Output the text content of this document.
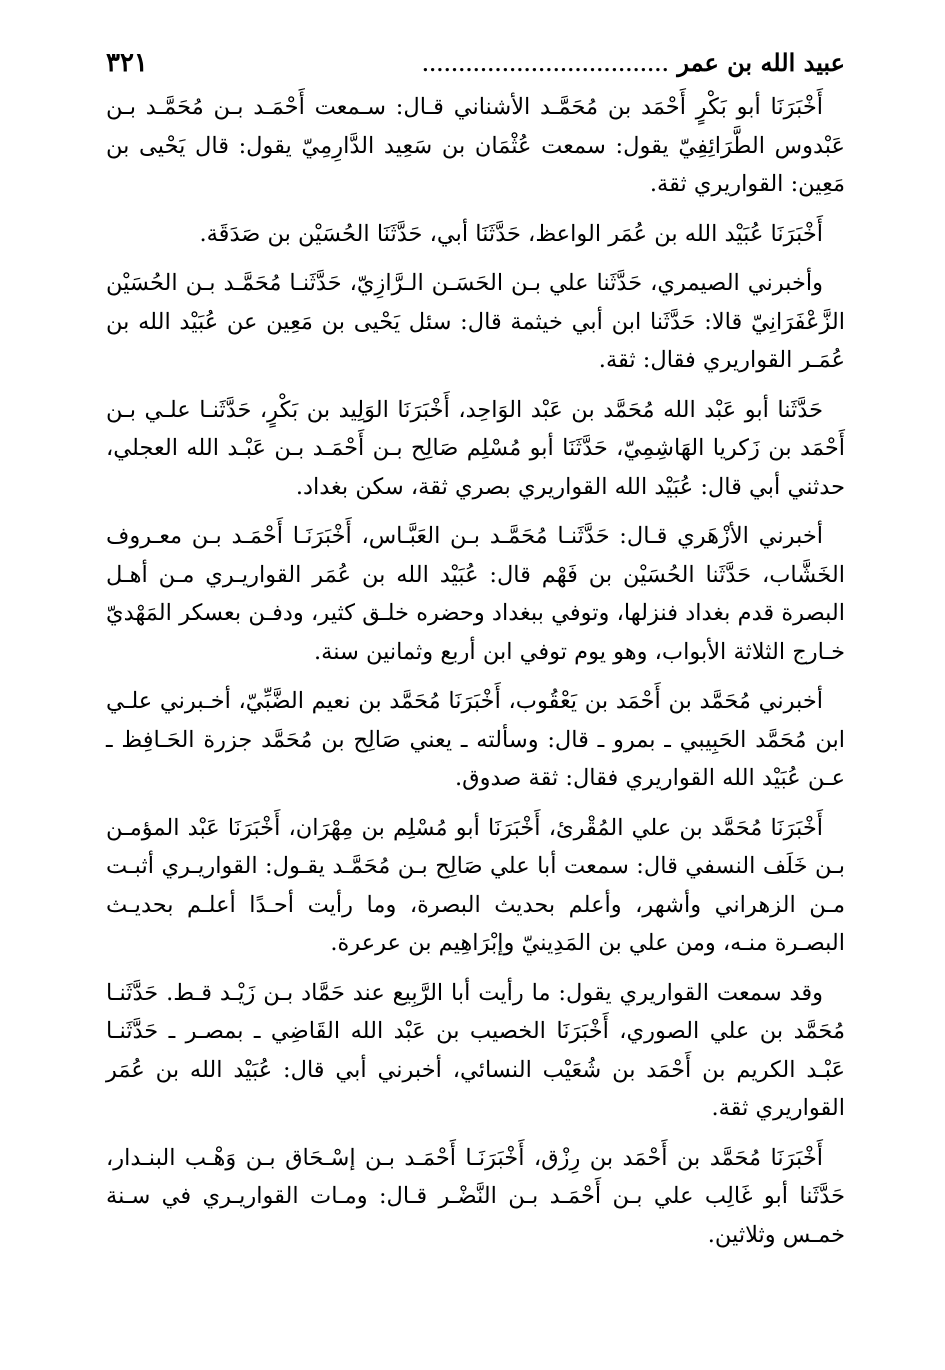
عبيد الله بن عمر
..................................
٣٢١

أَخْبَرَنَا أبو بَكْرٍ أَحْمَد بن مُحَمَّـد الأشناني قـال: سـمعت أَحْمَـد بـن مُحَمَّـد بـن عَبْدوس الطَّرَائِفِيّ يقول: سمعت عُثْمَان بن سَعِيد الدَّارِمِيّ يقول: قال يَحْيى بن مَعِين: القواريري ثقة.

أَخْبَرَنَا عُبَيْد الله بن عُمَر الواعظ، حَدَّثَنَا أبي، حَدَّثَنَا الحُسَيْن بن صَدَقَة.

وأخبرني الصيمري، حَدَّثَنا علي بـن الحَسَـن الـرَّازِيّ، حَدَّثَنـا مُحَمَّـد بـن الحُسَيْن الزَّعْفَرَانِيّ قالا: حَدَّثَنا ابن أبي خيثمة قال: سئل يَحْيى بن مَعِين عن عُبَيْد الله بن عُمَـر القواريري فقال: ثقة.

حَدَّثَنا أبو عَبْد الله مُحَمَّد بن عَبْد الوَاحِد، أَخْبَرَنَا الوَلِيد بن بَكْرٍ، حَدَّثَنـا علـي بـن أَحْمَد بن زَكريا الهَاشِمِيّ، حَدَّثَنَا أبو مُسْلِم صَالِح بـن أَحْمَـد بـن عَبْـد الله العجلي، حدثني أبي قال: عُبَيْد الله القواريري بصري ثقة، سكن بغداد.

أخبرني الأزْهَري قـال: حَدَّثَنـا مُحَمَّـد بـن العَبَّـاس، أَخْبَرَنَـا أَحْمَـد بـن معـروف الخَشَّاب، حَدَّثَنا الحُسَيْن بن فَهْم قال: عُبَيْد الله بن عُمَر القواريـري مـن أهـل البصرة قدم بغداد فنزلها، وتوفي ببغداد وحضره خلـق كثير، ودفـن بعسكر المَهْديّ خـارج الثلاثة الأبواب، وهو يوم توفي ابن أربع وثمانين سنة.

أخبرني مُحَمَّد بن أَحْمَد بن يَعْقُوب، أَخْبَرَنَا مُحَمَّد بن نعيم الضَّبِّيّ، أخـبرني علـي ابن مُحَمَّد الحَبِيبي ـ بمرو ـ قال: وسألته ـ يعني صَالِح بن مُحَمَّد جزرة الحَـافِظ ـ عـن عُبَيْد الله القواريري فقال: ثقة صدوق.

أَخْبَرَنَا مُحَمَّد بن علي المُقْرئ، أَخْبَرَنَا أبو مُسْلِم بن مِهْرَان، أَخْبَرَنَا عَبْد المؤمـن بـن خَلَف النسفي قال: سمعت أبا علي صَالِح بـن مُحَمَّـد يقـول: القواريـري أثبـت مـن الزهراني وأشهر، وأعلم بحديث البصرة، وما رأيت أحـدًا أعلـم بحديـث البصـرة منـه، ومن علي بن المَدِينيّ وإبْرَاهِيم بن عرعرة.

وقد سمعت القواريري يقول: ما رأيت أبا الرَّبِيع عند حَمَّاد بـن زَيْـد قـط. حَدَّثَنـا مُحَمَّد بن علي الصوري، أَخْبَرَنَا الخصيب بن عَبْد الله القَاضِي ـ بمصـر ـ حَدَّثَنـا عَبْـد الكريم بن أَحْمَد بن شُعَيْب النسائي، أخبرني أبي قال: عُبَيْد الله بن عُمَر القواريري ثقة.

أَخْبَرَنَا مُحَمَّد بن أَحْمَد بن رِزْق، أَخْبَرَنَـا أَحْمَـد بـن إسْـحَاق بـن وَهْـب البنـدار، حَدَّثَنا أبو غَالِب علي بـن أَحْمَـد بـن النَّضْـر قـال: ومـات القواريـري في سـنة خمـس وثلاثين.
